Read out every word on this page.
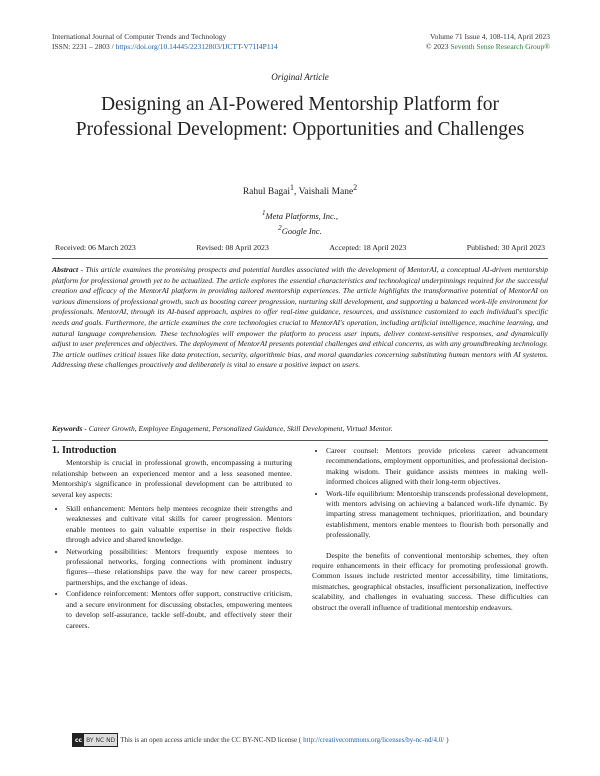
International Journal of Computer Trends and Technology
ISSN: 2231 – 2803 / https://doi.org/10.14445/22312803/IJCTT-V71I4P114
Volume 71 Issue 4, 108-114, April 2023
© 2023 Seventh Sense Research Group®
Original Article
Designing an AI-Powered Mentorship Platform for Professional Development: Opportunities and Challenges
Rahul Bagai$^1$, Vaishali Mane$^2$
$^1$Meta Platforms, Inc.,
$^2$Google Inc.
Received: 06 March 2023	Revised: 08 April 2023	Accepted: 18 April 2023	Published: 30 April 2023
Abstract - This article examines the promising prospects and potential hurdles associated with the development of MentorAI, a conceptual AI-driven mentorship platform for professional growth yet to be actualized. The article explores the essential characteristics and technological underpinnings required for the successful creation and efficacy of the MentorAI platform in providing tailored mentorship experiences. The article highlights the transformative potential of MentorAI on various dimensions of professional growth, such as boosting career progression, nurturing skill development, and supporting a balanced work-life environment for professionals. MentorAI, through its AI-based approach, aspires to offer real-time guidance, resources, and assistance customized to each individual's specific needs and goals. Furthermore, the article examines the core technologies crucial to MentorAI's operation, including artificial intelligence, machine learning, and natural language comprehension. These technologies will empower the platform to process user inputs, deliver context-sensitive responses, and dynamically adjust to user preferences and objectives. The deployment of MentorAI presents potential challenges and ethical concerns, as with any groundbreaking technology. The article outlines critical issues like data protection, security, algorithmic bias, and moral quandaries concerning substituting human mentors with AI systems. Addressing these challenges proactively and deliberately is vital to ensure a positive impact on users.
Keywords - Career Growth, Employee Engagement, Personalized Guidance, Skill Development, Virtual Mentor.
1. Introduction
Mentorship is crucial in professional growth, encompassing a nurturing relationship between an experienced mentor and a less seasoned mentee. Mentorship's significance in professional development can be attributed to several key aspects:
• Skill enhancement: Mentors help mentees recognize their strengths and weaknesses and cultivate vital skills for career progression. Mentors enable mentees to gain valuable expertise in their respective fields through advice and shared knowledge.
• Networking possibilities: Mentors frequently expose mentees to professional networks, forging connections with prominent industry figures—these relationships pave the way for new career prospects, partnerships, and the exchange of ideas.
• Confidence reinforcement: Mentors offer support, constructive criticism, and a secure environment for discussing obstacles, empowering mentees to develop self-assurance, tackle self-doubt, and effectively steer their careers.
• Career counsel: Mentors provide priceless career advancement recommendations, employment opportunities, and professional decision-making wisdom. Their guidance assists mentees in making well-informed choices aligned with their long-term objectives.
• Work-life equilibrium: Mentorship transcends professional development, with mentors advising on achieving a balanced work-life dynamic. By imparting stress management techniques, prioritization, and boundary establishment, mentors enable mentees to flourish both personally and professionally.
Despite the benefits of conventional mentorship schemes, they often require enhancements in their efficacy for promoting professional growth. Common issues include restricted mentor accessibility, time limitations, mismatches, geographical obstacles, insufficient personalization, ineffective scalability, and challenges in evaluating success. These difficulties can obstruct the overall influence of traditional mentorship endeavors.
cc BY NC ND This is an open access article under the CC BY-NC-ND license ( http://creativecommons.org/licenses/by-nc-nd/4.0/ )
